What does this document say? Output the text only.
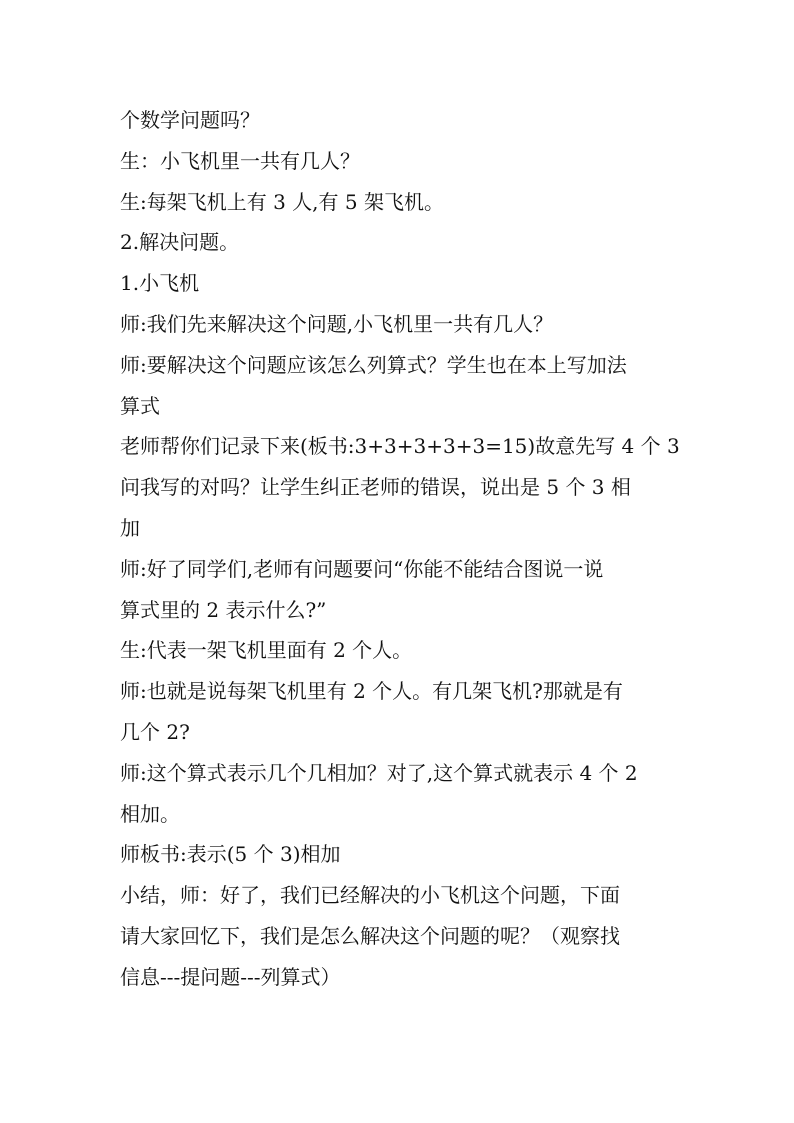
个数学问题吗？
生：小飞机里一共有几人？
生:每架飞机上有 3 人,有 5 架飞机。
2.解决问题。
1.小飞机
师:我们先来解决这个问题,小飞机里一共有几人？
师:要解决这个问题应该怎么列算式？学生也在本上写加法
算式
老师帮你们记录下来(板书:3+3+3+3+3=15)故意先写 4 个 3
问我写的对吗？让学生纠正老师的错误，说出是 5 个 3 相
加
师:好了同学们,老师有问题要问“你能不能结合图说一说
算式里的 2 表示什么?”
生:代表一架飞机里面有 2 个人。
师:也就是说每架飞机里有 2 个人。有几架飞机?那就是有
几个 2?
师:这个算式表示几个几相加？对了,这个算式就表示 4 个 2
相加。
师板书:表示(5 个 3)相加
小结，师：好了，我们已经解决的小飞机这个问题，下面
请大家回忆下，我们是怎么解决这个问题的呢？（观察找
信息---提问题---列算式）
